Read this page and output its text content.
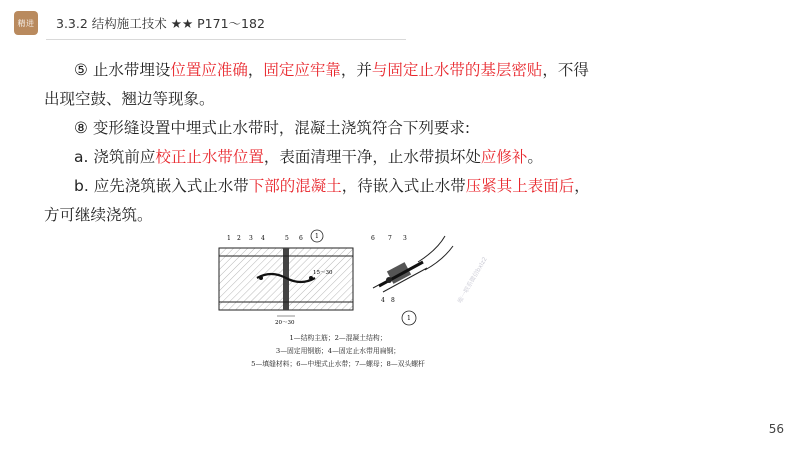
精进 3.3.2 结构施工技术 ★★ P171～182

⑤ 止水带埋设位置应准确，固定应牢靠，并与固定止水带的基层密贴，不得

出现空鼓、翘边等现象。

⑧ 变形缝设置中埋式止水带时，混凝土浇筑符合下列要求:

a. 浇筑前应校正止水带位置，表面清理干净，止水带损坏处应修补。

b. 应先浇筑嵌入式止水带下部的混凝土，待嵌入式止水带压紧其上表面后，

方可继续浇筑。

1 2 3 4	5 6 1
15～30
20～30
6 7 3
4 8
1
1—结构主筋；2—混凝土结构；
3—固定用钢筋；4—固定止水带用扁钢；
5—填缝材料；6—中埋式止水带；7—螺母；8—双头螺杆
唯一联系微信bxlz2
56
